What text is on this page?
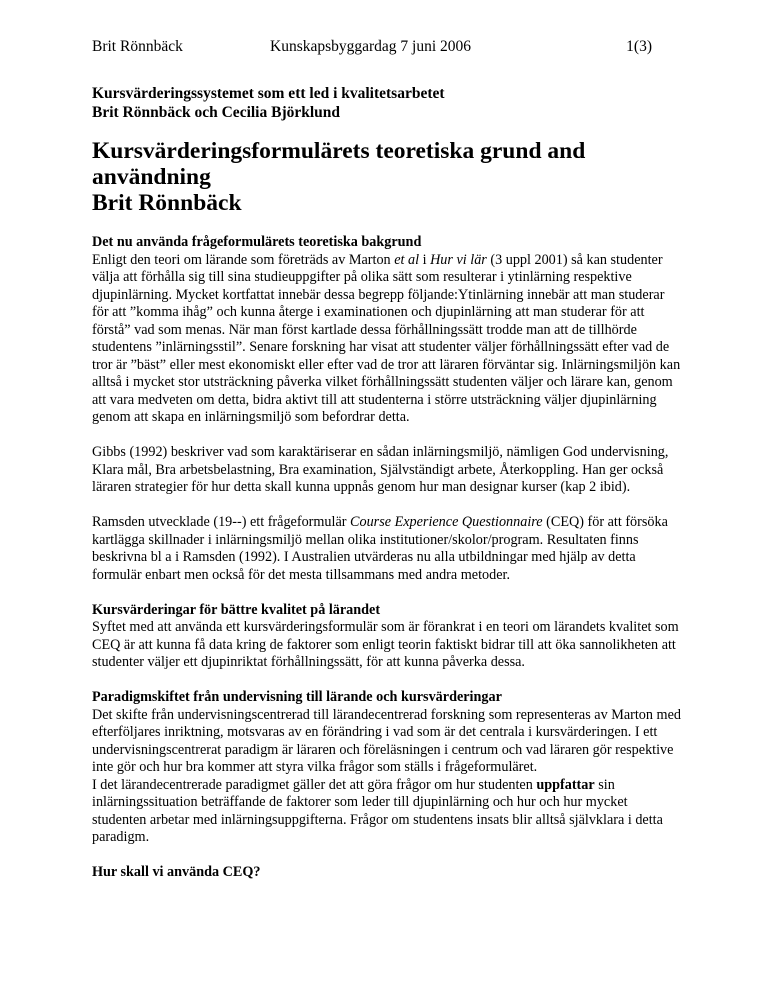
Brit Rönnbäck	Kunskapsbyggardag 7 juni 2006	1(3)
Kursvärderingssystemet som ett led i kvalitetsarbetet
Brit Rönnbäck och Cecilia Björklund
Kursvärderingsformulärets teoretiska grund and
användning
Brit Rönnbäck
Det nu använda frågeformulärets teoretiska bakgrund

Enligt den teori om lärande som företräds av Marton et al i Hur vi lär (3 uppl 2001) så kan studenter välja att förhålla sig till sina studieuppgifter på olika sätt som resulterar i ytinlärning respektive djupinlärning. Mycket kortfattat innebär dessa begrepp följande:Ytinlärning innebär att man studerar för att ”komma ihåg” och kunna återge i examinationen och djupinlärning att man studerar för att förstå” vad som menas. När man först kartlade dessa förhållningssätt trodde man att de tillhörde studentens ”inlärningsstil”. Senare forskning har visat att studenter väljer förhållningssätt efter vad de tror är ”bäst” eller mest ekonomiskt eller efter vad de tror att läraren förväntar sig. Inlärningsmiljön kan alltså i mycket stor utsträckning påverka vilket förhållningssätt studenten väljer och lärare kan, genom att vara medveten om detta, bidra aktivt till att studenterna i större utsträckning väljer djupinlärning genom att skapa en inlärningsmiljö som befordrar detta.

Gibbs (1992) beskriver vad som karaktäriserar en sådan inlärningsmiljö, nämligen God undervisning, Klara mål, Bra arbetsbelastning, Bra examination, Självständigt arbete, Återkoppling. Han ger också läraren strategier för hur detta skall kunna uppnås genom hur man designar kurser (kap 2 ibid).

Ramsden utvecklade (19--) ett frågeformulär Course Experience Questionnaire (CEQ) för att försöka kartlägga skillnader i inlärningsmiljö mellan olika institutioner/skolor/program. Resultaten finns beskrivna bl a i Ramsden (1992). I Australien utvärderas nu alla utbildningar med hjälp av detta formulär enbart men också för det mesta tillsammans med andra metoder.

Kursvärderingar för bättre kvalitet på lärandet

Syftet med att använda ett kursvärderingsformulär som är förankrat i en teori om lärandets kvalitet som CEQ är att kunna få data kring de faktorer som enligt teorin faktiskt bidrar till att öka sannolikheten att studenter väljer ett djupinriktat förhållningssätt, för att kunna påverka dessa.

Paradigmskiftet från undervisning till lärande och kursvärderingar

Det skifte från undervisningscentrerad till lärandecentrerad forskning som representeras av Marton med efterföljares inriktning, motsvaras av en förändring i vad som är det centrala i kursvärderingen. I ett undervisningscentrerat paradigm är läraren och föreläsningen i centrum och vad läraren gör respektive inte gör och hur bra kommer att styra vilka frågor som ställs i frågeformuläret.

I det lärandecentrerade paradigmet gäller det att göra frågor om hur studenten uppfattar sin inlärningssituation beträffande de faktorer som leder till djupinlärning och hur och hur mycket studenten arbetar med inlärningsuppgifterna. Frågor om studentens insats blir alltså självklara i detta paradigm.

Hur skall vi använda CEQ?
